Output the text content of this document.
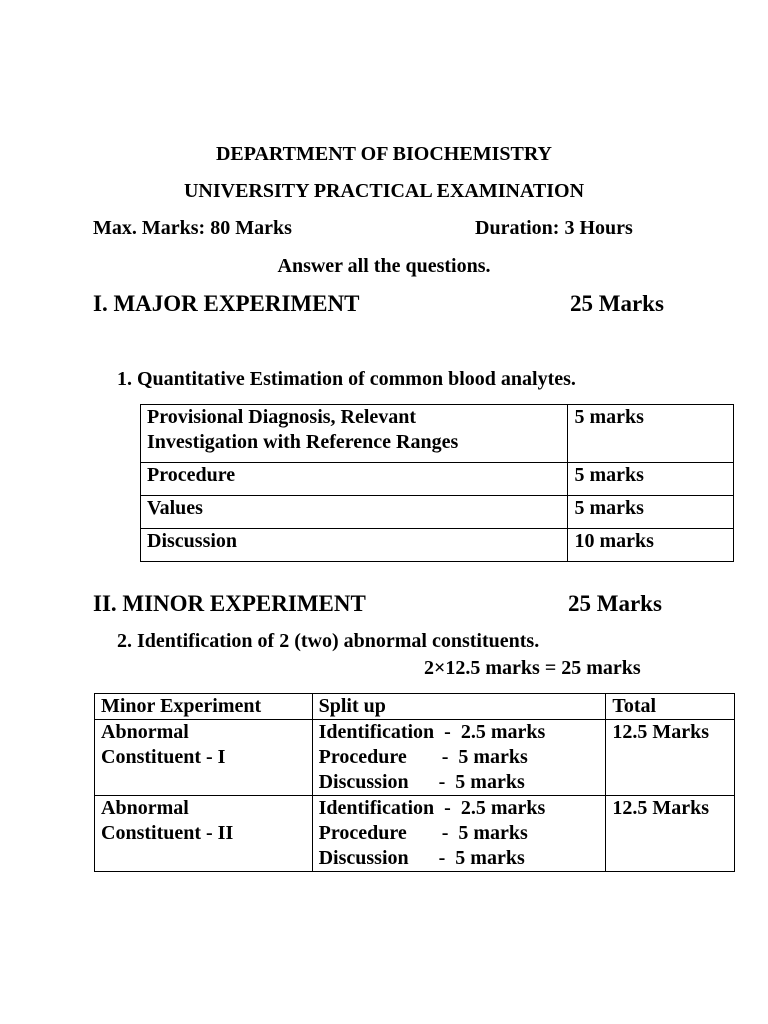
DEPARTMENT OF BIOCHEMISTRY
UNIVERSITY PRACTICAL EXAMINATION
Max. Marks: 80 Marks	Duration: 3 Hours
Answer all the questions.
I. MAJOR EXPERIMENT	25 Marks
1. Quantitative Estimation of common blood analytes.
Provisional Diagnosis, Relevant
Investigation with Reference Ranges	5 marks
Procedure	5 marks
Values	5 marks
Discussion	10 marks
II. MINOR EXPERIMENT	25 Marks
2. Identification of 2 (two) abnormal constituents.
2×12.5 marks = 25 marks
Minor Experiment	Split up	Total

Abnormal
Constituent - I	Identification  -  2.5 marks
Procedure       -  5 marks
Discussion      -  5 marks	12.5 Marks

Abnormal
Constituent - II	Identification  -  2.5 marks
Procedure       -  5 marks
Discussion      -  5 marks	12.5 Marks
